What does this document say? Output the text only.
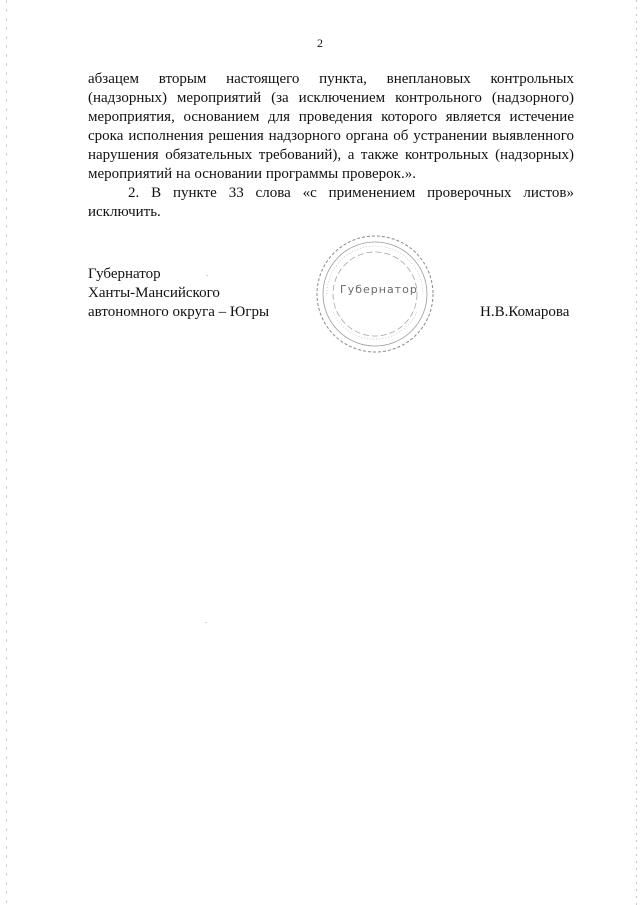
2

абзацем вторым настоящего пункта, внеплановых контрольных (надзорных) мероприятий (за исключением контрольного (надзорного) мероприятия, основанием для проведения которого является истечение срока исполнения решения надзорного органа об устранении выявленного нарушения обязательных требований), а также контрольных (надзорных) мероприятий на основании программы проверок.».

2. В пункте 33 слова «с применением проверочных листов» исключить.

Губернатор
Ханты-Мансийского
автономного округа – Югры
Губернатор
Н.В.Комарова
